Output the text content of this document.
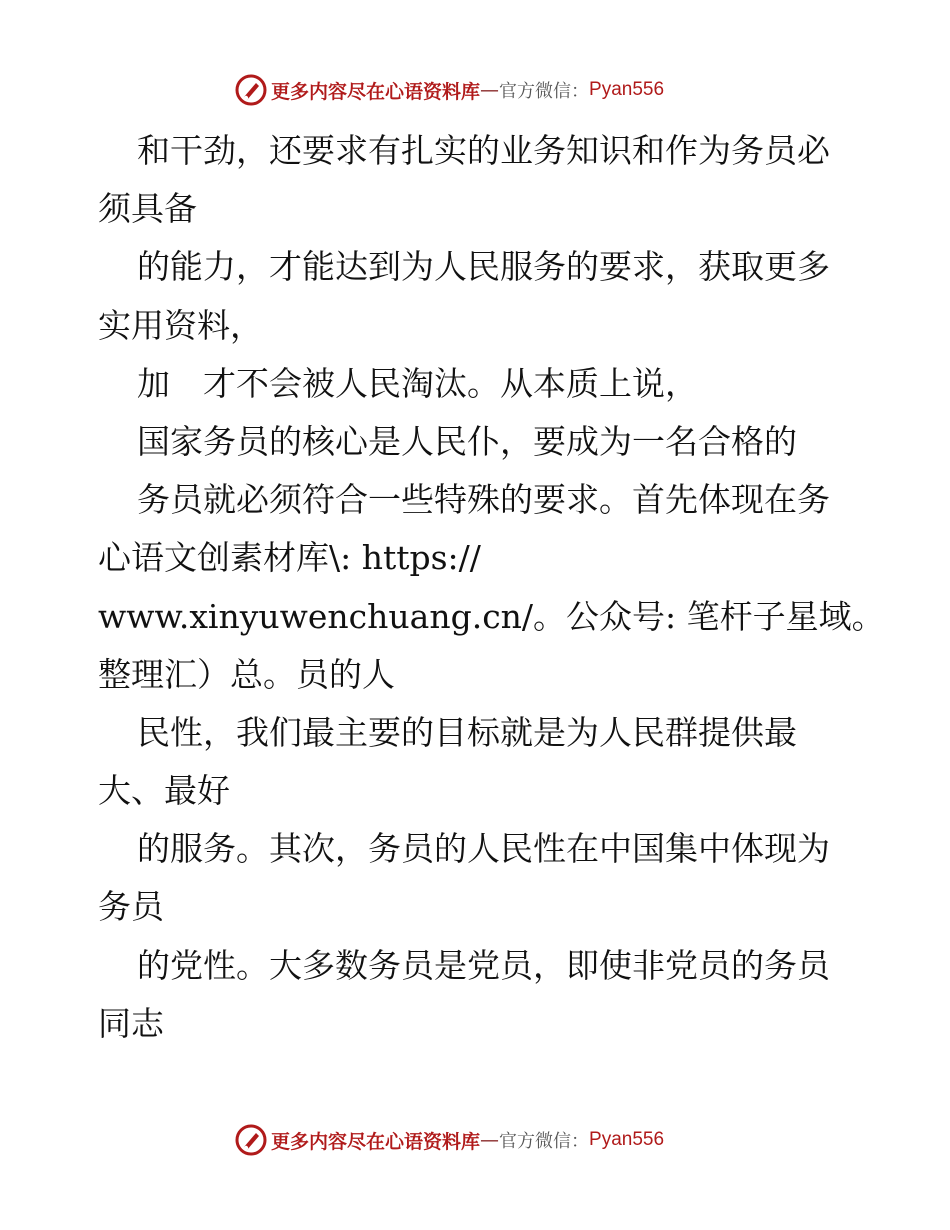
更多内容尽在心语资料库 — 官方微信： Pyan556
和干劲，还要求有扎实的业务知识和作为务员必
须具备
的能力，才能达到为人民服务的要求，获取更多
实用资料，
加　才不会被人民淘汰。从本质上说，
国家务员的核心是人民仆，要成为一名合格的
务员就必须符合一些特殊的要求。首先体现在务
心语文创素材库\: https://
www.xinyuwenchuang.cn/。公众号: 笔杆子星域。
整理汇）总。员的人
民性，我们最主要的目标就是为人民群提供最
大、最好
的服务。其次，务员的人民性在中国集中体现为
务员
的党性。大多数务员是党员，即使非党员的务员
同志
更多内容尽在心语资料库 — 官方微信： Pyan556
